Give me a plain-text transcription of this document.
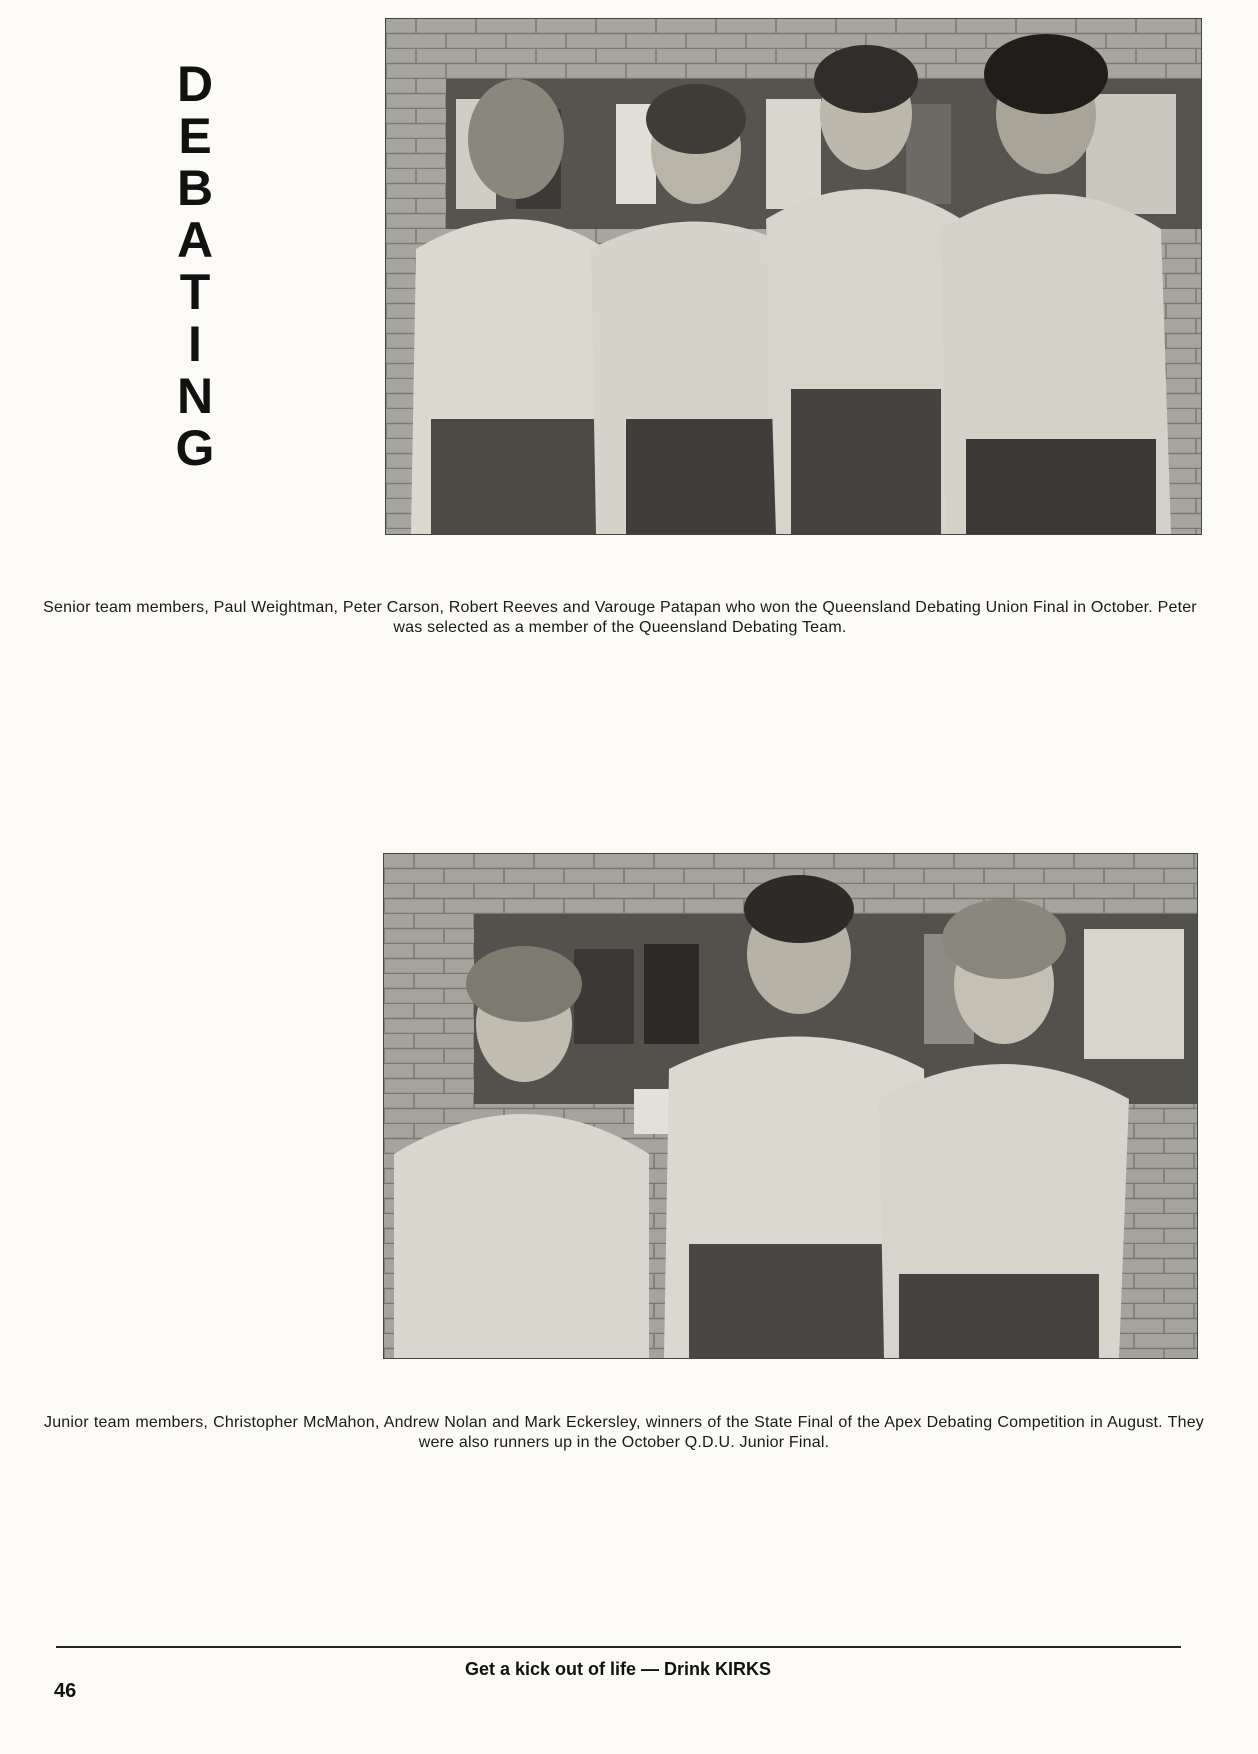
D
E
B
A
T
I
N
G
Senior team members, Paul Weightman, Peter Carson, Robert Reeves and Varouge Patapan who won the Queensland Debating Union Final in October. Peter was selected as a member of the Queensland Debating Team.
Junior team members, Christopher McMahon, Andrew Nolan and Mark Eckersley, winners of the State Final of the Apex Debating Competition in August. They were also runners up in the October Q.D.U. Junior Final.
Get a kick out of life — Drink KIRKS
46
